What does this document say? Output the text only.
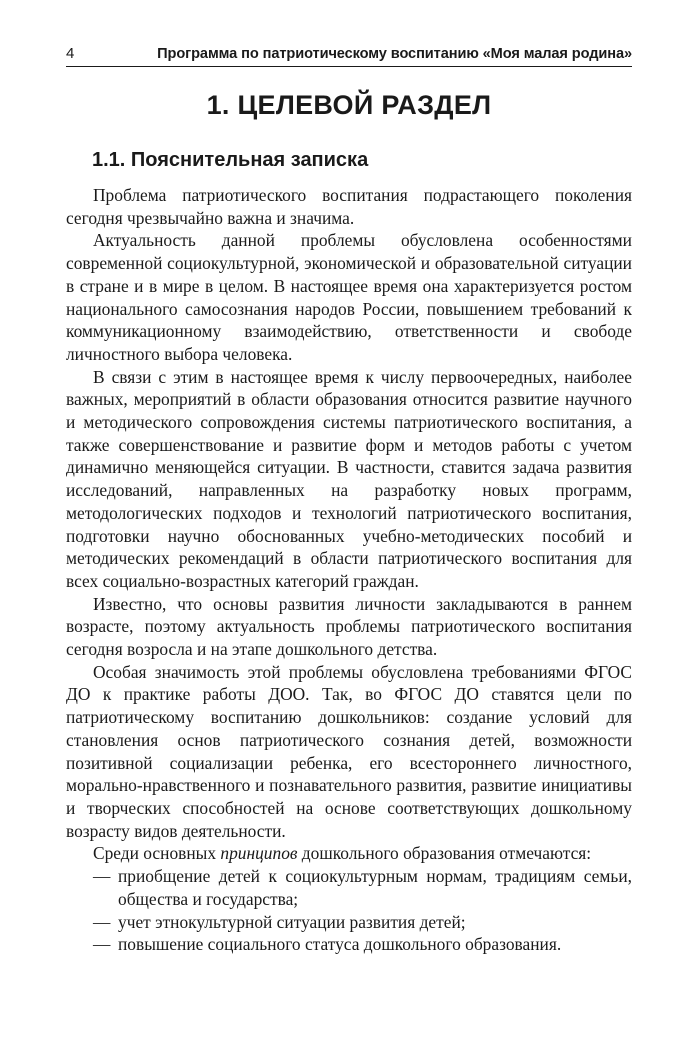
4	Программа по патриотическому воспитанию «Моя малая родина»
1. ЦЕЛЕВОЙ РАЗДЕЛ
1.1. Пояснительная записка

Проблема патриотического воспитания подрастающего поколения сегодня чрезвычайно важна и значима.

Актуальность данной проблемы обусловлена особенностями современной социокультурной, экономической и образовательной ситуации в стране и в мире в целом. В настоящее время она характеризуется ростом национального самосознания народов России, повышением требований к коммуникационному взаимодействию, ответственности и свободе личностного выбора человека.

В связи с этим в настоящее время к числу первоочередных, наиболее важных, мероприятий в области образования относится развитие научного и методического сопровождения системы патриотического воспитания, а также совершенствование и развитие форм и методов работы с учетом динамично меняющейся ситуации. В частности, ставится задача развития исследований, направленных на разработку новых программ, методологических подходов и технологий патриотического воспитания, подготовки научно обоснованных учебно-методических пособий и методических рекомендаций в области патриотического воспитания для всех социально-возрастных категорий граждан.

Известно, что основы развития личности закладываются в раннем возрасте, поэтому актуальность проблемы патриотического воспитания сегодня возросла и на этапе дошкольного детства.

Особая значимость этой проблемы обусловлена требованиями ФГОС ДО к практике работы ДОО. Так, во ФГОС ДО ставятся цели по патриотическому воспитанию дошкольников: создание условий для становления основ патриотического сознания детей, возможности позитивной социализации ребенка, его всестороннего личностного, морально-нравственного и познавательного развития, развитие инициативы и творческих способностей на основе соответствующих дошкольному возрасту видов деятельности.

Среди основных принципов дошкольного образования отмечаются:

— приобщение детей к социокультурным нормам, традициям семьи, общества и государства;
— учет этнокультурной ситуации развития детей;
— повышение социального статуса дошкольного образования.
